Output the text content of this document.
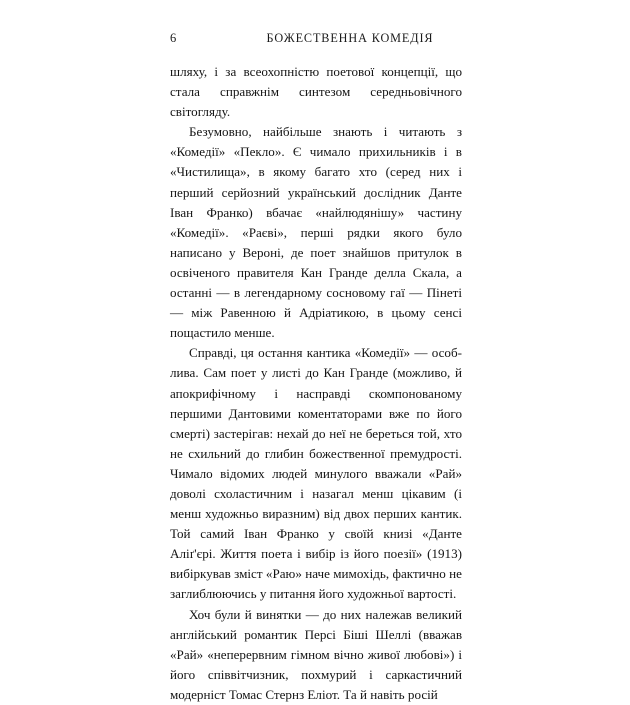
6	БОЖЕСТВЕННА КОМЕДІЯ

шляху, і за всеохопністю поетової концепції, що стала справжнім синтезом середньовічного світогляду.

Безумовно, найбільше знають і читають з «Комедії» «Пекло». Є чимало прихильників і в «Чистилища», в якому багато хто (серед них і перший серйозний український дослідник Данте Іван Франко) вбачає «найлюдянішу» частину «Комедії». «Раєві», перші рядки якого було написано у Вероні, де поет знайшов притулок в освіченого правителя Кан Гранде делла Скала, а останні — в легендарному сосновому гаї — Пінеті — між Равенною й Адріатикою, в цьому сенсі пощастило менше.

Справді, ця остання кантика «Комедії» — особлива. Сам поет у листі до Кан Гранде (можливо, й апокрифічному і насправді скомпонованому першими Дантовими коментаторами вже по його смерті) застерігав: нехай до неї не береться той, хто не схильний до глибин божественної премудрості. Чимало відомих людей минулого вважали «Рай» доволі схоластичним і назагал менш цікавим (і менш художньо виразним) від двох перших кантик. Той самий Іван Франко у своїй книзі «Данте Аліґ'єрі. Життя поета і вибір із його поезії» (1913) вибіркував зміст «Раю» наче мимохідь, фактично не заглиблюючись у питання його художньої вартості.

Хоч були й винятки — до них належав великий англійський романтик Персі Біші Шеллі (вважав «Рай» «неперервним гімном вічно живої любові») і його співвітчизник, похмурий і саркастичний модерніст Томас Стернз Еліот. Та й навіть росій
